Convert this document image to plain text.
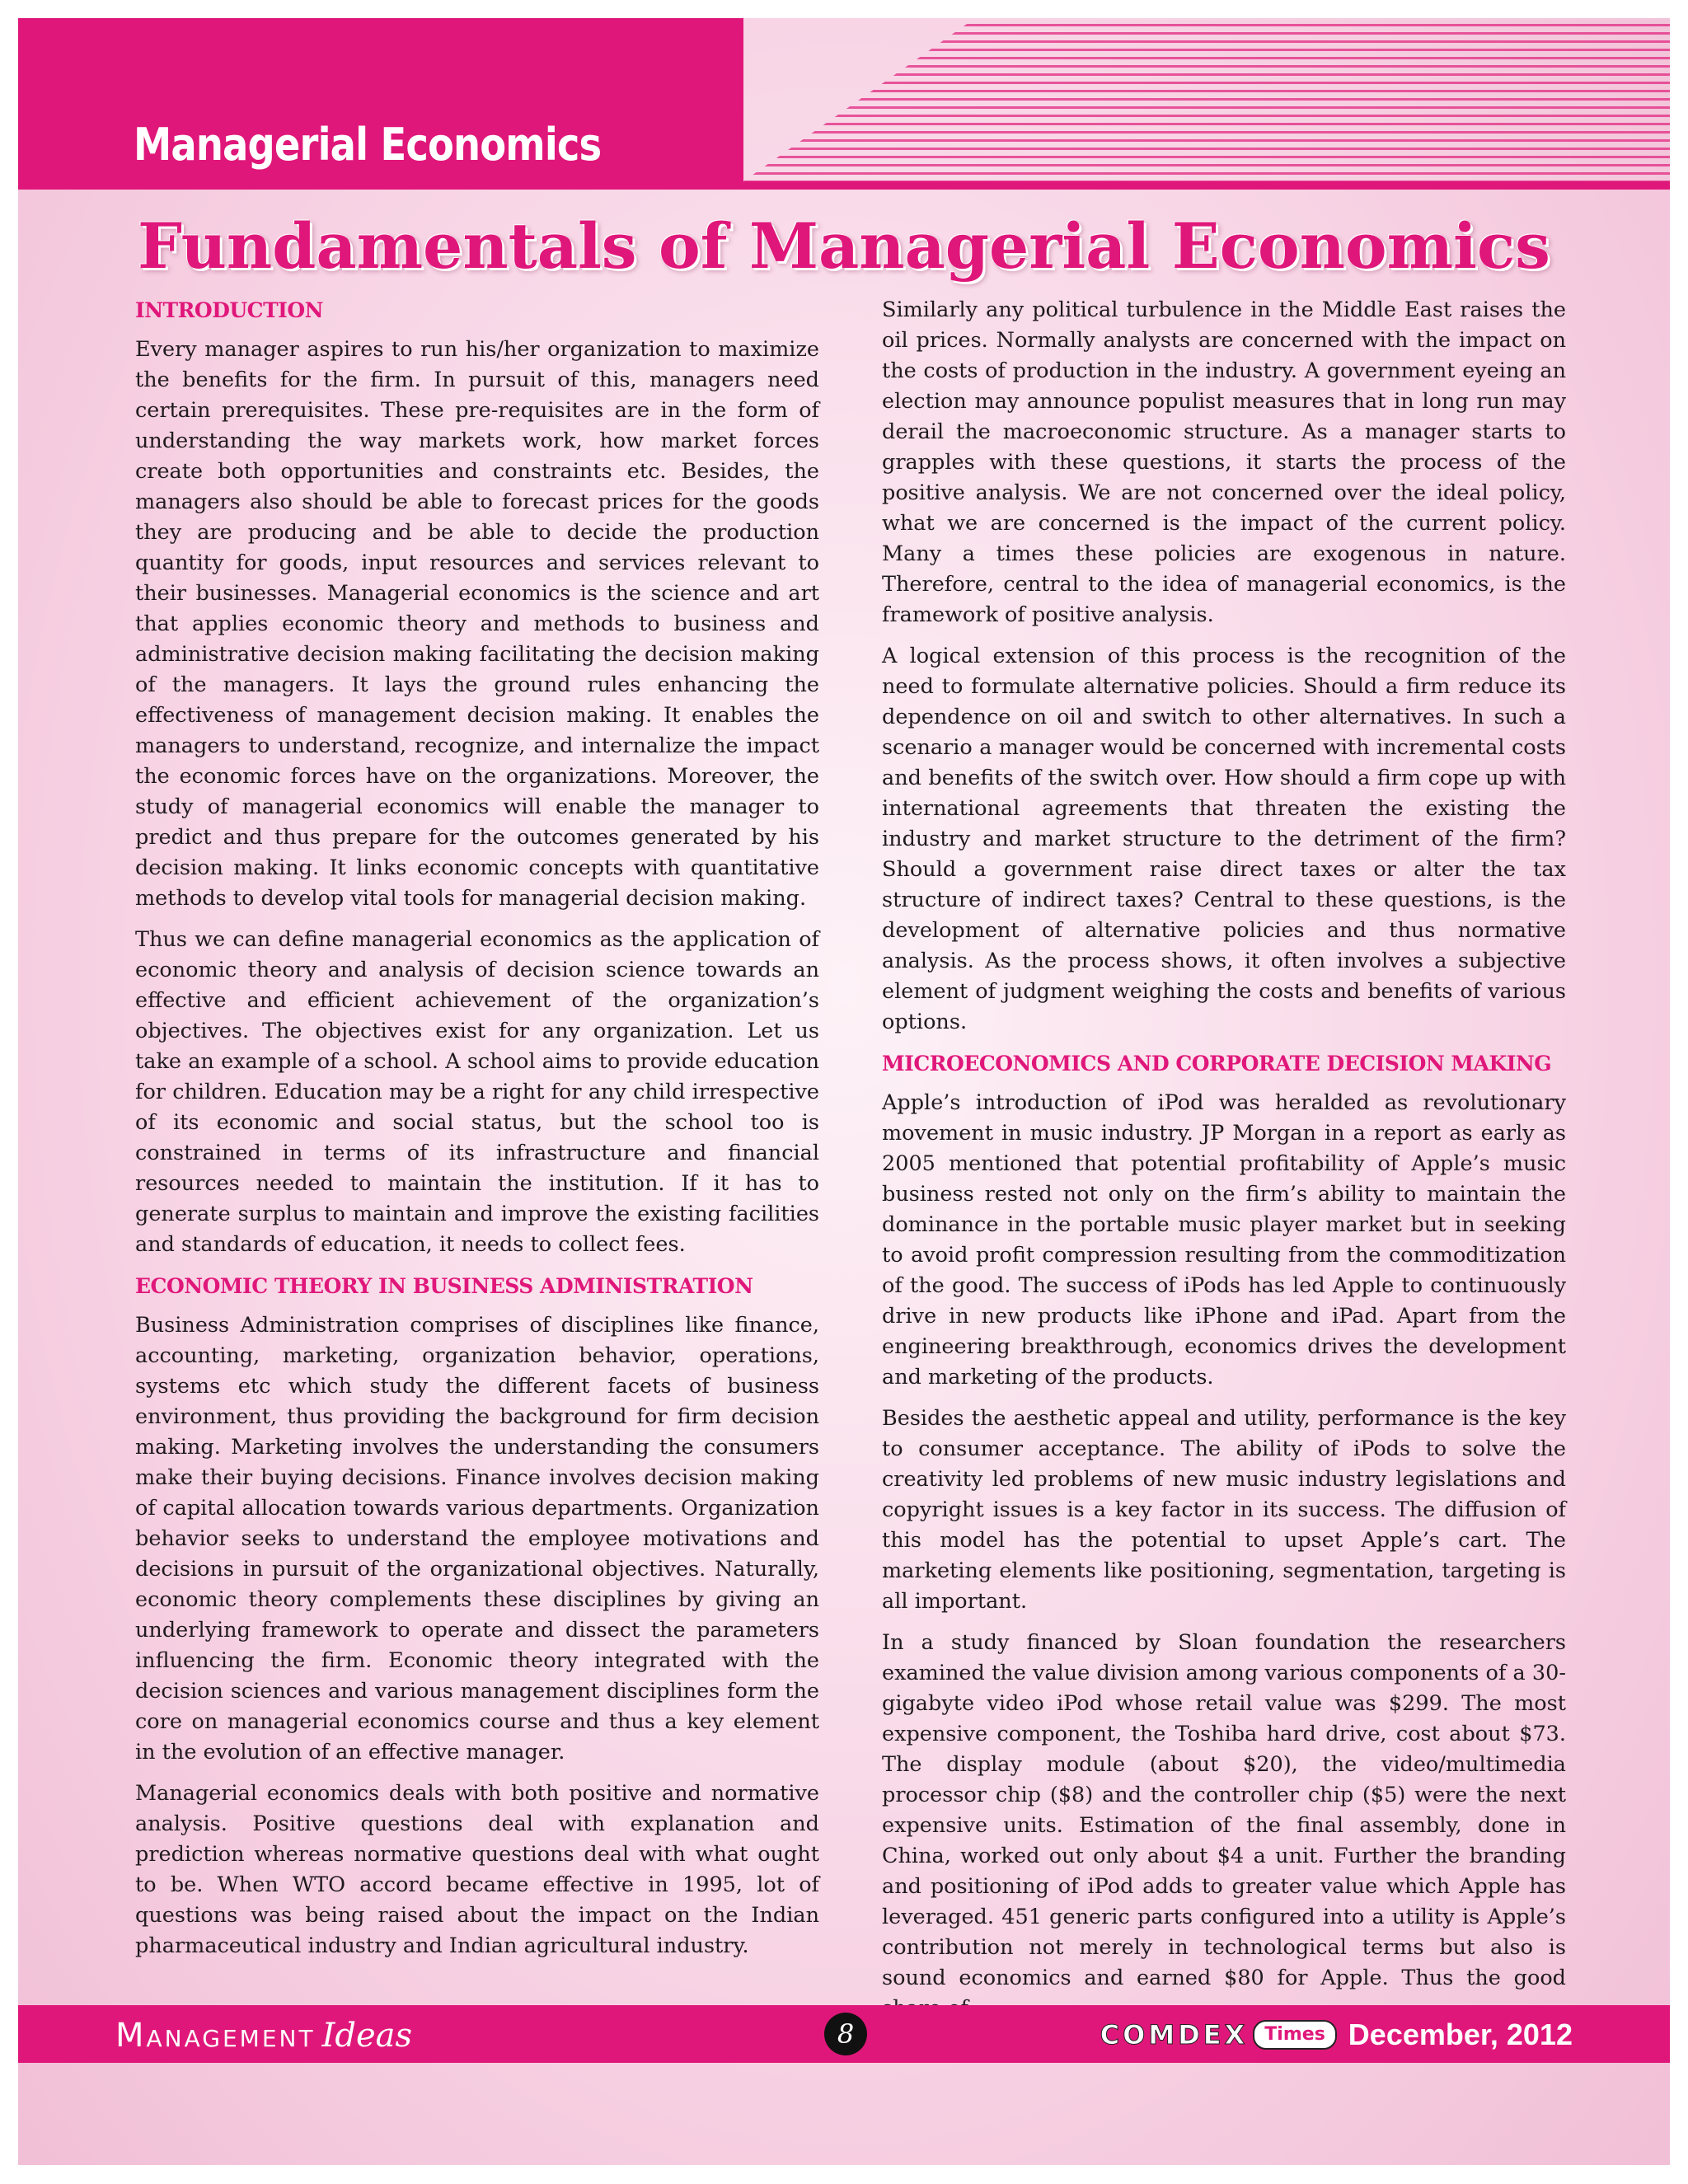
Managerial Economics
Fundamentals of Managerial Economics
INTRODUCTION

Every manager aspires to run his/her organization to maximize the benefits for the firm. In pursuit of this, managers need certain prerequisites. These pre-requisites are in the form of understanding the way markets work, how market forces create both opportunities and constraints etc. Besides, the managers also should be able to forecast prices for the goods they are producing and be able to decide the production quantity for goods, input resources and services relevant to their businesses. Managerial economics is the science and art that applies economic theory and methods to business and administrative decision making facilitating the decision making of the managers. It lays the ground rules enhancing the effectiveness of management decision making. It enables the managers to understand, recognize, and internalize the impact the economic forces have on the organizations. Moreover, the study of managerial economics will enable the manager to predict and thus prepare for the outcomes generated by his decision making. It links economic concepts with quantitative methods to develop vital tools for managerial decision making.

Thus we can define managerial economics as the application of economic theory and analysis of decision science towards an effective and efficient achievement of the organization’s objectives. The objectives exist for any organization. Let us take an example of a school. A school aims to provide education for children. Education may be a right for any child irrespective of its economic and social status, but the school too is constrained in terms of its infrastructure and financial resources needed to maintain the institution. If it has to generate surplus to maintain and improve the existing facilities and standards of education, it needs to collect fees.

ECONOMIC THEORY IN BUSINESS ADMINISTRATION

Business Administration comprises of disciplines like finance, accounting, marketing, organization behavior, operations, systems etc which study the different facets of business environment, thus providing the background for firm decision making. Marketing involves the understanding the consumers make their buying decisions. Finance involves decision making of capital allocation towards various departments. Organization behavior seeks to understand the employee motivations and decisions in pursuit of the organizational objectives. Naturally, economic theory complements these disciplines by giving an underlying framework to operate and dissect the parameters influencing the firm. Economic theory integrated with the decision sciences and various management disciplines form the core on managerial economics course and thus a key element in the evolution of an effective manager.

Managerial economics deals with both positive and normative analysis. Positive questions deal with explanation and prediction whereas normative questions deal with what ought to be. When WTO accord became effective in 1995, lot of questions was being raised about the impact on the Indian pharmaceutical industry and Indian agricultural industry.

Similarly any political turbulence in the Middle East raises the oil prices. Normally analysts are concerned with the impact on the costs of production in the industry. A government eyeing an election may announce populist measures that in long run may derail the macroeconomic structure. As a manager starts to grapples with these questions, it starts the process of the positive analysis. We are not concerned over the ideal policy, what we are concerned is the impact of the current policy. Many a times these policies are exogenous in nature. Therefore, central to the idea of managerial economics, is the framework of positive analysis.

A logical extension of this process is the recognition of the need to formulate alternative policies. Should a firm reduce its dependence on oil and switch to other alternatives. In such a scenario a manager would be concerned with incremental costs and benefits of the switch over. How should a firm cope up with international agreements that threaten the existing the industry and market structure to the detriment of the firm? Should a government raise direct taxes or alter the tax structure of indirect taxes? Central to these questions, is the development of alternative policies and thus normative analysis. As the process shows, it often involves a subjective element of judgment weighing the costs and benefits of various options.

MICROECONOMICS AND CORPORATE DECISION MAKING

Apple’s introduction of iPod was heralded as revolutionary movement in music industry. JP Morgan in a report as early as 2005 mentioned that potential profitability of Apple’s music business rested not only on the firm’s ability to maintain the dominance in the portable music player market but in seeking to avoid profit compression resulting from the commoditization of the good. The success of iPods has led Apple to continuously drive in new products like iPhone and iPad. Apart from the engineering breakthrough, economics drives the development and marketing of the products.

Besides the aesthetic appeal and utility, performance is the key to consumer acceptance. The ability of iPods to solve the creativity led problems of new music industry legislations and copyright issues is a key factor in its success. The diffusion of this model has the potential to upset Apple’s cart. The marketing elements like positioning, segmentation, targeting is all important.

In a study financed by Sloan foundation the researchers examined the value division among various components of a 30-gigabyte video iPod whose retail value was $299. The most expensive component, the Toshiba hard drive, cost about $73. The display module (about $20), the video/multimedia processor chip ($8) and the controller chip ($5) were the next expensive units. Estimation of the final assembly, done in China, worked out only about $4 a unit. Further the branding and positioning of iPod adds to greater value which Apple has leveraged. 451 generic parts configured into a utility is Apple’s contribution not merely in technological terms but also is sound economics and earned $80 for Apple. Thus the good

Management Ideas	8	COMDEX Times December, 2012
